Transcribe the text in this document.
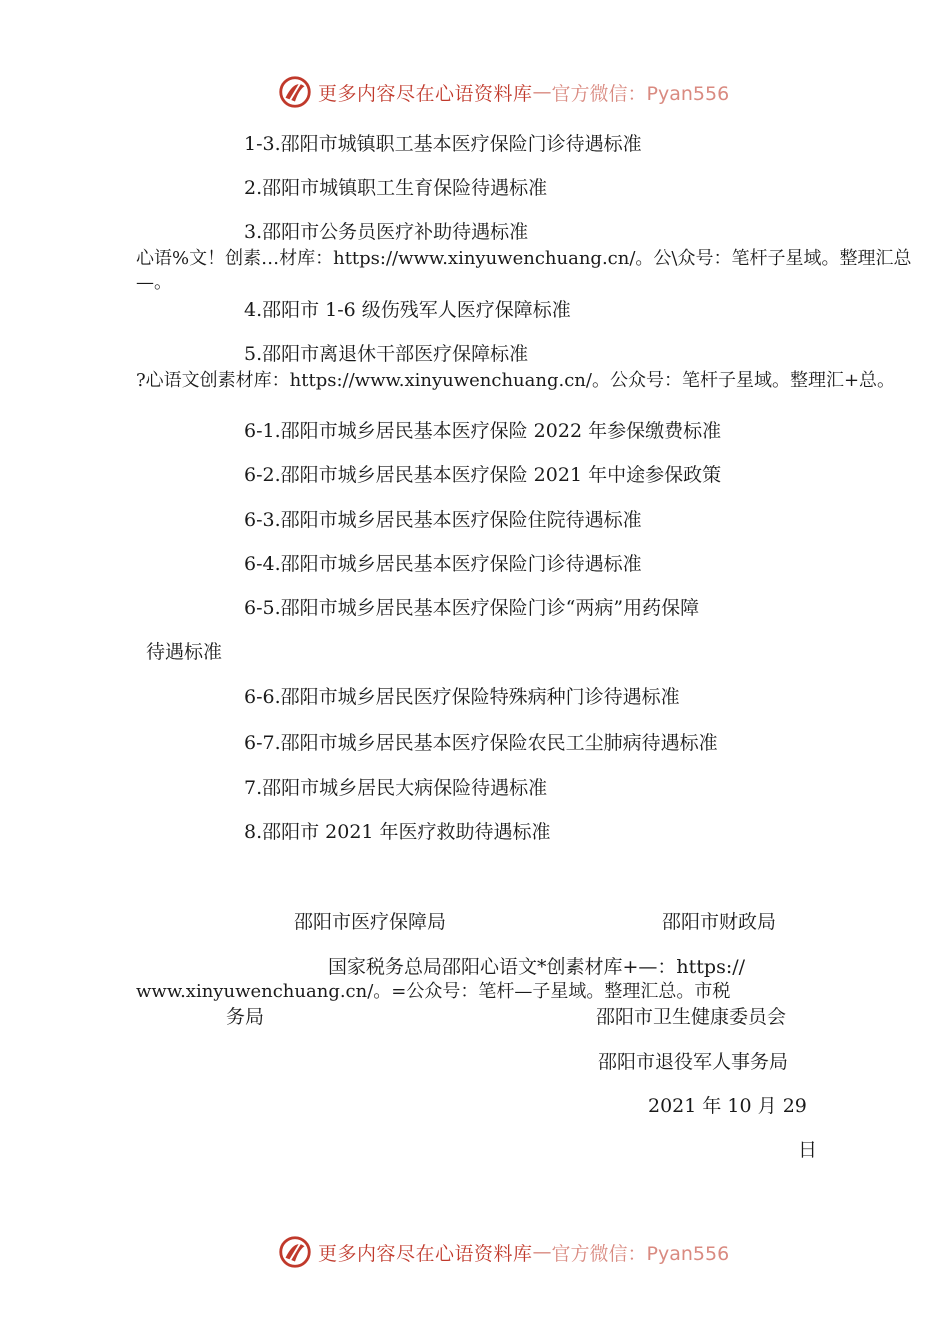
更多内容尽在心语资料库 — 官方微信：Pyan556
1-3.邵阳市城镇职工基本医疗保险门诊待遇标准
2.邵阳市城镇职工生育保险待遇标准
3.邵阳市公务员医疗补助待遇标准
心语%文！创素…材库：https://www.xinyuwenchuang.cn/。公\众号：笔杆子星域。整理汇总—。
4.邵阳市 1-6 级伤残军人医疗保障标准
5.邵阳市离退休干部医疗保障标准
?心语文创素材库：https://www.xinyuwenchuang.cn/。公众号：笔杆子星域。整理汇+总。
6-1.邵阳市城乡居民基本医疗保险 2022 年参保缴费标准
6-2.邵阳市城乡居民基本医疗保险 2021 年中途参保政策
6-3.邵阳市城乡居民基本医疗保险住院待遇标准
6-4.邵阳市城乡居民基本医疗保险门诊待遇标准
6-5.邵阳市城乡居民基本医疗保险门诊“两病”用药保障
待遇标准
6-6.邵阳市城乡居民医疗保险特殊病种门诊待遇标准
6-7.邵阳市城乡居民基本医疗保险农民工尘肺病待遇标准
7.邵阳市城乡居民大病保险待遇标准
8.邵阳市 2021 年医疗救助待遇标准
邵阳市医疗保障局	邵阳市财政局
国家税务总局邵阳心语文*创素材库+—：https://
www.xinyuwenchuang.cn/。=公众号：笔杆—子星域。整理汇总。市税
务局	邵阳市卫生健康委员会
邵阳市退役军人事务局
2021 年 10 月 29
日
更多内容尽在心语资料库 — 官方微信：Pyan556
